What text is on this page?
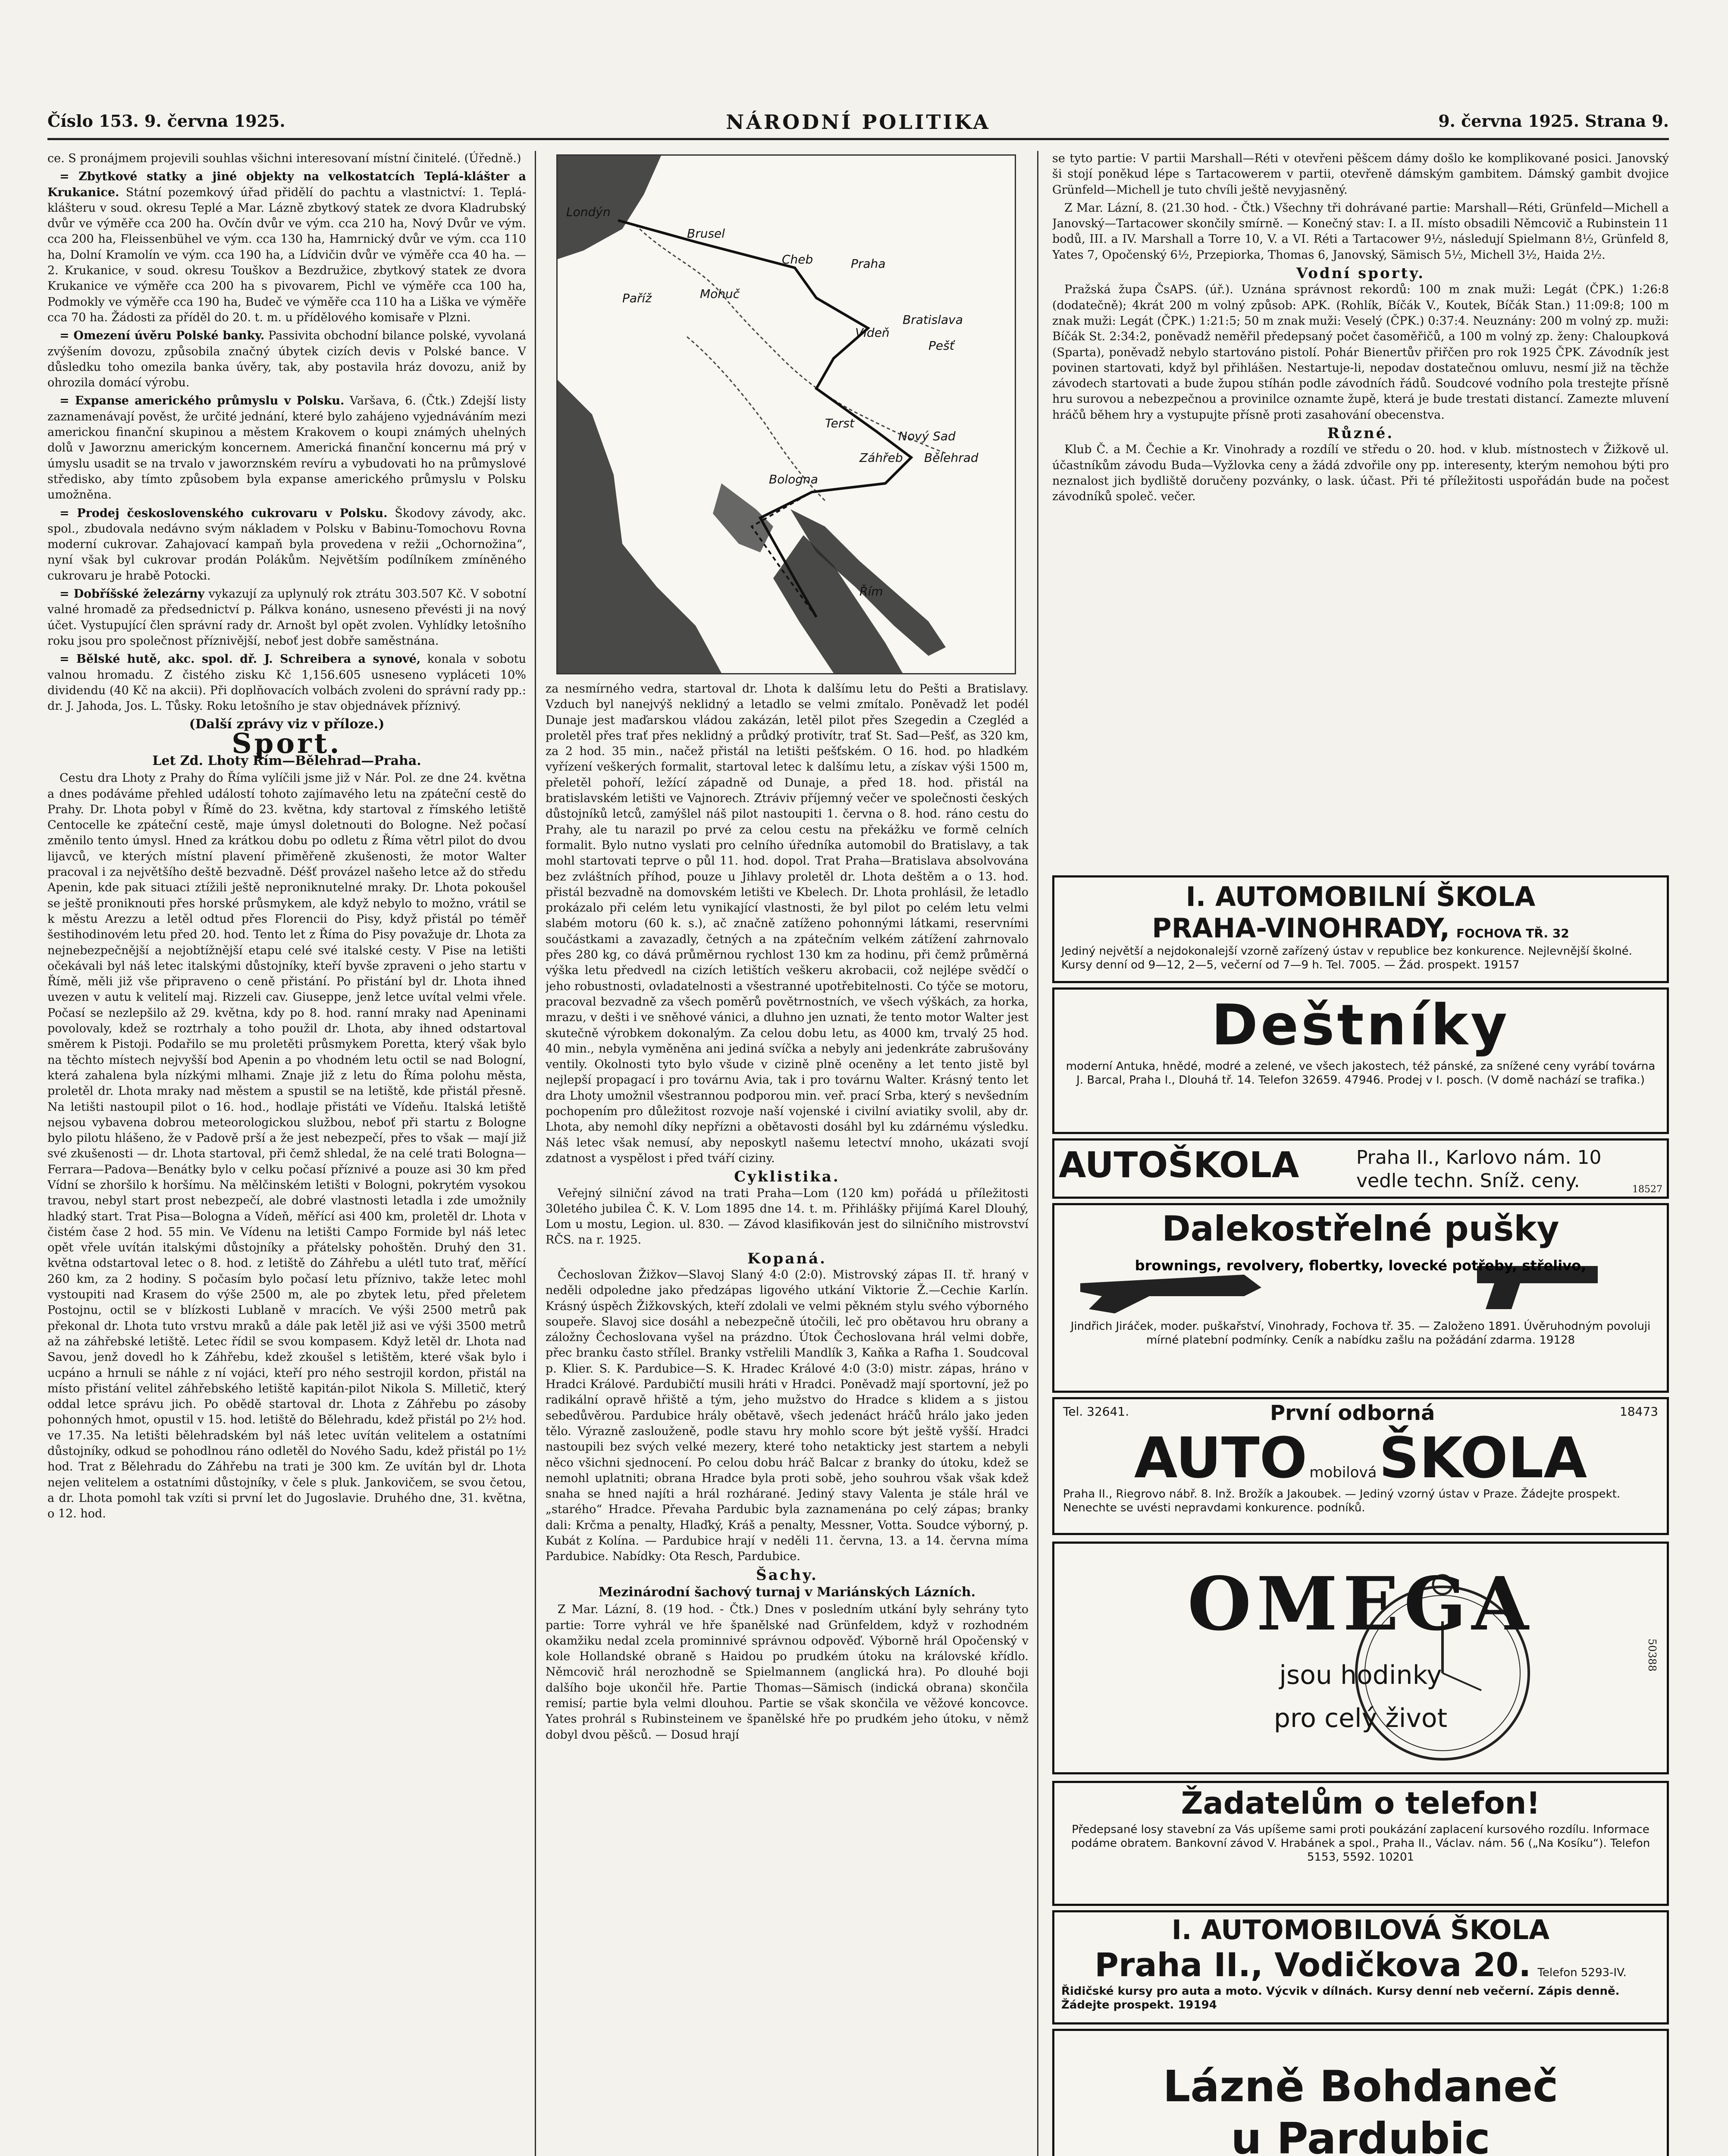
Číslo 153. 9. června 1925.	NÁRODNÍ POLITIKA	9. června 1925. Strana 9.

ce. S pronájmem projevili souhlas všichni interesovaní místní činitelé. (Úředně.)

= Zbytkové statky a jiné objekty na velkostatcích Teplá-klášter a Krukanice. Státní pozemkový úřad přidělí do pachtu a vlastnictví: 1. Teplá-klášteru v soud. okresu Teplé a Mar. Lázně zbytkový statek ze dvora Kladrubský dvůr ve výměře cca 200 ha. Ovčín dvůr ve vým. cca 210 ha, Nový Dvůr ve vým. cca 200 ha, Fleissenbühel ve vým. cca 130 ha, Hamrnický dvůr ve vým. cca 110 ha, Dolní Kramolín ve vým. cca 190 ha, a Lídvičin dvůr ve výměře cca 40 ha. — 2. Krukanice, v soud. okresu Touškov a Bezdružice, zbytkový statek ze dvora Krukanice ve výměře cca 200 ha s pivovarem, Pichl ve výměře cca 100 ha, Podmokly ve výměře cca 190 ha, Budeč ve výměře cca 110 ha a Liška ve výměře cca 70 ha. Žádosti za příděl do 20. t. m. u přídělového komisaře v Plzni.

= Omezení úvěru Polské banky. Passivita obchodní bilance polské, vyvolaná zvýšením dovozu, způsobila značný úbytek cizích devis v Polské bance. V důsledku toho omezila banka úvěry, tak, aby postavila hráz dovozu, aniž by ohrozila domácí výrobu.

= Expanse amerického průmyslu v Polsku. Varšava, 6. (Čtk.) Zdejší listy zaznamenávají pověst, že určité jednání, které bylo zahájeno vyjednáváním mezi americkou finanční skupinou a městem Krakovem o koupi známých uhelných dolů v Jaworznu americkým koncernem. Americká finanční koncernu má prý v úmyslu usadit se na trvalo v jaworznském revíru a vybudovati ho na průmyslové středisko, aby tímto způsobem byla expanse amerického průmyslu v Polsku umožněna.

= Prodej československého cukrovaru v Polsku. Škodovy závody, akc. spol., zbudovala nedávno svým nákladem v Polsku v Babinu-Tomochovu Rovna moderní cukrovar. Zahajovací kampaň byla provedena v režii „Ochornožina“, nyní však byl cukrovar prodán Polákům. Největším podílníkem zmíněného cukrovaru je hrabě Potocki.

= Dobříšské železárny vykazují za uplynulý rok ztrátu 303.507 Kč. V sobotní valné hromadě za předsednictví p. Pálkva konáno, usneseno převésti ji na nový účet. Vystupující člen správní rady dr. Arnošt byl opět zvolen. Vyhlídky letošního roku jsou pro společnost příznivější, neboť jest dobře saměstnána.

= Bělské hutě, akc. spol. dř. J. Schreibera a synové, konala v sobotu valnou hromadu. Z čistého zisku Kč 1,156.605 usneseno vypláceti 10% dividendu (40 Kč na akcii). Při doplňovacích volbách zvoleni do správní rady pp.: dr. J. Jahoda, Jos. L. Tůsky. Roku letošního je stav objednávek příznivý.

(Další zprávy viz v příloze.)
Sport.
Let Zd. Lhoty Řím—Bělehrad—Praha.

Cestu dra Lhoty z Prahy do Říma vylíčili jsme již v Nár. Pol. ze dne 24. května a dnes podáváme přehled událostí tohoto zajímavého letu na zpáteční cestě do Prahy. Dr. Lhota pobyl v Římě do 23. května, kdy startoval z římského letiště Centocelle ke zpáteční cestě, maje úmysl doletnouti do Bologne. Než počasí změnilo tento úmysl. Hned za krátkou dobu po odletu z Říma větrl pilot do dvou lijavců, ve kterých místní plavení přiměřeně zkušenosti, že motor Walter pracoval i za největšího deště bezvadně. Déšť provázel našeho letce až do středu Apenin, kde pak situaci ztížili ještě neproniknutelné mraky. Dr. Lhota pokoušel se ještě proniknouti přes horské průsmykem, ale když nebylo to možno, vrátil se k městu Arezzu a letěl odtud přes Florencii do Pisy, když přistál po téměř šestihodinovém letu před 20. hod. Tento let z Říma do Pisy považuje dr. Lhota za nejnebezpečnější a nejobtížnější etapu celé své italské cesty. V Pise na letišti očekávali byl náš letec italskými důstojníky, kteří byvše zpraveni o jeho startu v Římě, měli již vše připraveno o ceně přistání. Po přistání byl dr. Lhota ihned uvezen v autu k velitelí maj. Rizzeli cav. Giuseppe, jenž letce uvítal velmi vřele. Počasí se nezlepšilo až 29. května, kdy po 8. hod. ranní mraky nad Apeninami povolovaly, kdež se roztrhaly a toho použil dr. Lhota, aby ihned odstartoval směrem k Pistoji. Podařilo se mu proletěti průsmykem Poretta, který však bylo na těchto místech nejvyšší bod Apenin a po vhodném letu octil se nad Bologní, která zahalena byla nízkými mlhami. Znaje již z letu do Říma polohu města, proletěl dr. Lhota mraky nad městem a spustil se na letiště, kde přistál přesně. Na letišti nastoupil pilot o 16. hod., hodlaje přistáti ve Vídeňu. Italská letiště nejsou vybavena dobrou meteorologickou službou, neboť při startu z Bologne bylo pilotu hlášeno, že v Padově prší a že jest nebezpečí, přes to však — mají již své zkušenosti — dr. Lhota startoval, při čemž shledal, že na celé trati Bologna—Ferrara—Padova—Benátky bylo v celku počasí příznivé a pouze asi 30 km před Vídní se zhoršilo k horšímu. Na mělčinském letišti v Bologni, pokrytém vysokou travou, nebyl start prost nebezpečí, ale dobré vlastnosti letadla i zde umožnily hladký start. Trat Pisa—Bologna a Vídeň, měřící asi 400 km, proletěl dr. Lhota v čistém čase 2 hod. 55 min. Ve Vídenu na letišti Campo Formide byl náš letec opět vřele uvítán italskými důstojníky a přátelsky pohoštěn. Druhý den 31. května odstartoval letec o 8. hod. z letiště do Záhřebu a ulétl tuto trať, měřící 260 km, za 2 hodiny. S počasím bylo počasí letu příznivo, takže letec mohl vystoupiti nad Krasem do výše 2500 m, ale po zbytek letu, před přeletem Postojnu, octil se v blízkosti Lublaně v mracích. Ve výši 2500 metrů pak překonal dr. Lhota tuto vrstvu mraků a dále pak letěl již asi ve výši 3500 metrů až na záhřebské letiště. Letec řídil se svou kompasem. Když letěl dr. Lhota nad Savou, jenž dovedl ho k Záhřebu, kdež zkoušel s letištěm, které však bylo i ucpáno a hrnuli se náhle z ní vojáci, kteří pro ného sestrojil kordon, přistál na místo přistání velitel záhřebského letiště kapitán-pilot Nikola S. Milletič, který oddal letce správu jich. Po obědě startoval dr. Lhota z Záhřebu po zásoby pohonných hmot, opustil v 15. hod. letiště do Bělehradu, kdež přistál po 2½ hod. ve 17.35. Na letišti bělehradském byl náš letec uvítán velitelem a ostatními důstojníky, odkud se pohodlnou ráno odletěl do Nového Sadu, kdež přistál po 1½ hod. Trat z Bělehradu do Záhřebu na trati je 300 km. Ze uvítán byl dr. Lhota nejen velitelem a ostatními důstojníky, v čele s pluk. Jankovičem, se svou četou, a dr. Lhota pomohl tak vzíti si první let do Jugoslavie. Druhého dne, 31. května, o 12. hod.

Londýn
Brusel
Cheb	Praha
Paříž	Mohuč
Bratislava
Vídeň
Pešť
Terst
Nový Sad
Záhřeb Bělehrad
Bologna
Řím

za nesmírného vedra, startoval dr. Lhota k dalšímu letu do Pešti a Bratislavy. Vzduch byl nanejvýš neklidný a letadlo se velmi zmítalo. Poněvadž let podél Dunaje jest maďarskou vládou zakázán, letěl pilot přes Szegedin a Czegléd a proletěl přes trať přes neklidný a průdký protivítr, trať St. Sad—Pešť, as 320 km, za 2 hod. 35 min., načež přistál na letišti pešťském. O 16. hod. po hladkém vyřízení veškerých formalit, startoval letec k dalšímu letu, a získav výši 1500 m, přeletěl pohoří, ležící západně od Dunaje, a před 18. hod. přistál na bratislavském letišti ve Vajnorech. Ztráviv příjemný večer ve společnosti českých důstojníků letců, zamýšlel náš pilot nastoupiti 1. června o 8. hod. ráno cestu do Prahy, ale tu narazil po prvé za celou cestu na překážku ve formě celních formalit. Bylo nutno vyslati pro celního úředníka automobil do Bratislavy, a tak mohl startovati teprve o půl 11. hod. dopol. Trat Praha—Bratislava absolvována bez zvláštních příhod, pouze u Jihlavy proletěl dr. Lhota deštěm a o 13. hod. přistál bezvadně na domovském letišti ve Kbelech. Dr. Lhota prohlásil, že letadlo prokázalo při celém letu vynikající vlastnosti, že byl pilot po celém letu velmi slabém motoru (60 k. s.), ač značně zatíženo pohonnými látkami, reservními součástkami a zavazadly, četných a na zpátečním velkém zátížení zahrnovalo přes 280 kg, co dává průměrnou rychlost 130 km za hodinu, při čemž průměrná výška letu předvedl na cizích letištích veškeru akrobacii, což nejlépe svědčí o jeho robustnosti, ovladatelnosti a všestranné upotřebitelnosti. Co týče se motoru, pracoval bezvadně za všech poměrů povětrnostních, ve všech výškách, za horka, mrazu, v dešti i ve sněhové vánici, a dluhno jen uznati, že tento motor Walter jest skutečně výrobkem dokonalým. Za celou dobu letu, as 4000 km, trvalý 25 hod. 40 min., nebyla vyměněna ani jediná svíčka a nebyly ani jedenkráte zabrušovány ventily. Okolnosti tyto bylo všude v cizině plně oceněny a let tento jistě byl nejlepší propagací i pro továrnu Avia, tak i pro továrnu Walter. Krásný tento let dra Lhoty umožnil všestrannou podporou min. veř. prací Srba, který s nevšedním pochopením pro důležitost rozvoje naší vojenské i civilní aviatiky svolil, aby dr. Lhota, aby nemohl díky nepřízni a obětavosti dosáhl byl ku zdárnému výsledku. Náš letec však nemusí, aby neposkytl našemu letectví mnoho, ukázati svojí zdatnost a vyspělost i před tváří ciziny.

Cyklistika.

Veřejný silniční závod na trati Praha—Lom (120 km) pořádá u příležitosti 30letého jubilea Č. K. V. Lom 1895 dne 14. t. m. Přihlášky přijímá Karel Dlouhý, Lom u mostu, Legion. ul. 830. — Závod klasifikován jest do silničního mistrovství RČS. na r. 1925.

Kopaná.

Čechoslovan Žižkov—Slavoj Slaný 4:0 (2:0). Mistrovský zápas II. tř. hraný v neděli odpoledne jako předzápas ligového utkání Viktorie Ž.—Cechie Karlín. Krásný úspěch Žižkovských, kteří zdolali ve velmi pěkném stylu svého výborného soupeře. Slavoj sice dosáhl a nebezpečně útočili, leč pro obětavou hru obrany a záložny Čechoslovana vyšel na prázdno. Útok Čechoslovana hrál velmi dobře, přec branku často střílel. Branky vstřelili Mandlík 3, Kaňka a Rafha 1. Soudcoval p. Klier. S. K. Pardubice—S. K. Hradec Králové 4:0 (3:0) mistr. zápas, hráno v Hradci Králové. Pardubičtí musili hráti v Hradci. Poněvadž mají sportovní, jež po radikální opravě hřiště a tým, jeho mužstvo do Hradce s klidem a s jistou sebedůvěrou. Pardubice hrály obětavě, všech jedenáct hráčů hrálo jako jeden tělo. Výrazně zaslouženě, podle stavu hry mohlo score být ještě vyšší. Hradci nastoupili bez svých velké mezery, které toho netakticky jest startem a nebyli něco všichni sjednocení. Po celou dobu hráč Balcar z branky do útoku, kdež se nemohl uplatniti; obrana Hradce byla proti sobě, jeho souhrou však však kdež snaha se hned najíti a hrál rozhárané. Jediný stavy Valenta je stále hrál ve „starého“ Hradce. Převaha Pardubic byla zaznamenána po celý zápas; branky dali: Krčma a penalty, Hlaďký, Kráš a penalty, Messner, Votta. Soudce výborný, p. Kubát z Kolína. — Pardubice hrají v neděli 11. června, 13. a 14. června míma Pardubice. Nabídky: Ota Resch, Pardubice.

Šachy.
Mezinárodní šachový turnaj v Mariánských Lázních.

Z Mar. Lázní, 8. (19 hod. - Čtk.) Dnes v posledním utkání byly sehrány tyto partie: Torre vyhrál ve hře španělské nad Grünfeldem, když v rozhodném okamžiku nedal zcela prominnivé správnou odpověď. Výborně hrál Opočenský v kole Hollandské obraně s Haidou po prudkém útoku na královské křídlo. Němcovič hrál nerozhodně se Spielmannem (anglická hra). Po dlouhé boji dalšího boje ukončil hře. Partie Thomas—Sämisch (indická obrana) skončila remisí; partie byla velmi dlouhou. Partie se však skončila ve věžové koncovce. Yates prohrál s Rubinsteinem ve španělské hře po prudkém jeho útoku, v němž dobyl dvou pěšců. — Dosud hrají

se tyto partie: V partii Marshall—Réti v otevřeni pěšcem dámy došlo ke komplikované posici. Janovský ši stojí poněkud lépe s Tartacowerem v partii, otevřeně dámským gambitem. Dámský gambit dvojice Grünfeld—Michell je tuto chvíli ještě nevyjasněný.

Z Mar. Lázní, 8. (21.30 hod. - Čtk.) Všechny tři dohrávané partie: Marshall—Réti, Grünfeld—Michell a Janovský—Tartacower skončily smírně. — Konečný stav: I. a II. místo obsadili Němcovič a Rubinstein 11 bodů, III. a IV. Marshall a Torre 10, V. a VI. Réti a Tartacower 9½, následují Spielmann 8½, Grünfeld 8, Yates 7, Opočenský 6½, Przepiorka, Thomas 6, Janovský, Sämisch 5½, Michell 3½, Haida 2½.

Vodní sporty.

Pražská župa ČsAPS. (úř.). Uznána správnost rekordů: 100 m znak muži: Legát (ČPK.) 1:26:8 (dodatečně); 4krát 200 m volný způsob: APK. (Rohlík, Bíčák V., Koutek, Bíčák Stan.) 11:09:8; 100 m znak muži: Legát (ČPK.) 1:21:5; 50 m znak muži: Veselý (ČPK.) 0:37:4. Neuznány: 200 m volný zp. muži: Bíčák St. 2:34:2, poněvadž neměřil předepsaný počet časoměřičů, a 100 m volný zp. ženy: Chaloupková (Sparta), poněvadž nebylo startováno pistolí. Pohár Bienertův přiřčen pro rok 1925 ČPK. Závodník jest povinen startovati, když byl přihlášen. Nestartuje-li, nepodav dostatečnou omluvu, nesmí již na těchže závodech startovati a bude župou stíhán podle závodních řádů. Soudcové vodního pola trestejte přísně hru surovou a nebezpečnou a provinilce oznamte župě, která je bude trestati distancí. Zamezte mluvení hráčů během hry a vystupujte přísně proti zasahování obecenstva.

Různé.

Klub Č. a M. Čechie a Kr. Vinohrady a rozdílí ve středu o 20. hod. v klub. místnostech v Žižkově ul. účastníkům závodu Buda—Vyžlovka ceny a žádá zdvořile ony pp. interesenty, kterým nemohou býti pro neznalost jich bydliště doručeny pozvánky, o lask. účast. Při té příležitosti uspořádán bude na počest závodníků společ. večer.

I. AUTOMOBILNÍ ŠKOLA
PRAHA-VINOHRADY, FOCHOVA TŘ. 32
Jediný největší a nejdokonalejší vzorně zařízený ústav v republice bez konkurence. Nejlevnější školné. Kursy denní od 9—12, 2—5, večerní od 7—9 h. Tel. 7005. — Žád. prospekt. 19157
Deštníky
moderní Antuka, hnědé, modré a zelené, ve všech jakostech, též pánské, za snížené ceny vyrábí továrna J. Barcal, Praha I., Dlouhá tř. 14. Telefon 32659. 47946. Prodej v I. posch. (V domě nachází se trafika.)
AUTOŠKOLA	Praha II., Karlovo nám. 10
vedle techn. Sníž. ceny.	18527
Dalekostřelné pušky
brownings, revolvery, flobertky, lovecké potřeby, střelivo,
Jindřich Jiráček, moder. puškařství, Vinohrady, Fochova tř. 35. — Založeno 1891. Úvěruhodným povoluji mírné platební podmínky. Ceník a nabídku zašlu na požádání zdarma. 19128
Tel. 32641.	První odborná	18473
AUTO mobilová ŠKOLA
Praha II., Riegrovo nábř. 8. Inž. Brožík a Jakoubek. — Jediný vzorný ústav v Praze. Žádejte prospekt. Nenechte se uvésti nepravdami konkurence. podníků.
OMEGA
jsou hodinky
pro celý život
50388
Žadatelům o telefon!
Předepsané losy stavební za Vás upíšeme sami proti poukázání zaplacení kursového rozdílu. Informace podáme obratem. Bankovní závod V. Hrabánek a spol., Praha II., Václav. nám. 56 („Na Kosíku“). Telefon 5153, 5592. 10201
I. AUTOMOBILOVÁ ŠKOLA
Praha II., Vodičkova 20. Telefon 5293-IV.
Řidičské kursy pro auta a moto. Výcvik v dílnách. Kursy denní neb večerní. Zápis denně. Žádejte prospekt. 19194
Lázně Bohdaneč
u Pardubic
